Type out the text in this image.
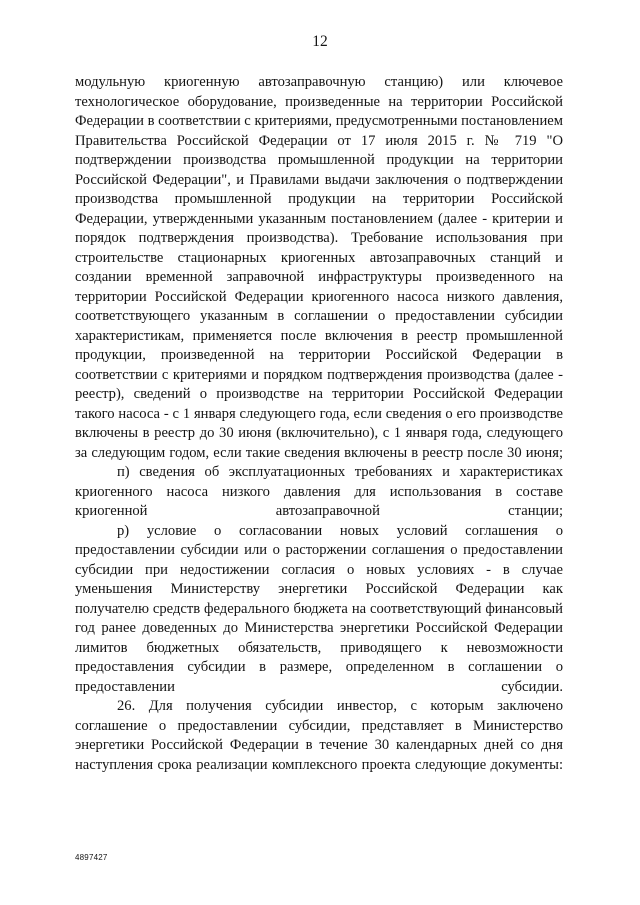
12

модульную криогенную автозаправочную станцию) или ключевое технологическое оборудование, произведенные на территории Российской Федерации в соответствии с критериями, предусмотренными постановлением Правительства Российской Федерации от 17 июля 2015 г. № 719 "О подтверждении производства промышленной продукции на территории Российской Федерации", и Правилами выдачи заключения о подтверждении производства промышленной продукции на территории Российской Федерации, утвержденными указанным постановлением (далее - критерии и порядок подтверждения производства). Требование использования при строительстве стационарных криогенных автозаправочных станций и создании временной заправочной инфраструктуры произведенного на территории Российской Федерации криогенного насоса низкого давления, соответствующего указанным в соглашении о предоставлении субсидии характеристикам, применяется после включения в реестр промышленной продукции, произведенной на территории Российской Федерации в соответствии с критериями и порядком подтверждения производства (далее - реестр), сведений о производстве на территории Российской Федерации такого насоса - с 1 января следующего года, если сведения о его производстве включены в реестр до 30 июня (включительно), с 1 января года, следующего за следующим годом, если такие сведения включены в реестр после 30 июня;

п) сведения об эксплуатационных требованиях и характеристиках криогенного насоса низкого давления для использования в составе криогенной автозаправочной станции;

р) условие о согласовании новых условий соглашения о предоставлении субсидии или о расторжении соглашения о предоставлении субсидии при недостижении согласия о новых условиях - в случае уменьшения Министерству энергетики Российской Федерации как получателю средств федерального бюджета на соответствующий финансовый год ранее доведенных до Министерства энергетики Российской Федерации лимитов бюджетных обязательств, приводящего к невозможности предоставления субсидии в размере, определенном в соглашении о предоставлении субсидии.

26. Для получения субсидии инвестор, с которым заключено соглашение о предоставлении субсидии, представляет в Министерство энергетики Российской Федерации в течение 30 календарных дней со дня наступления срока реализации комплексного проекта следующие документы:

4897427
